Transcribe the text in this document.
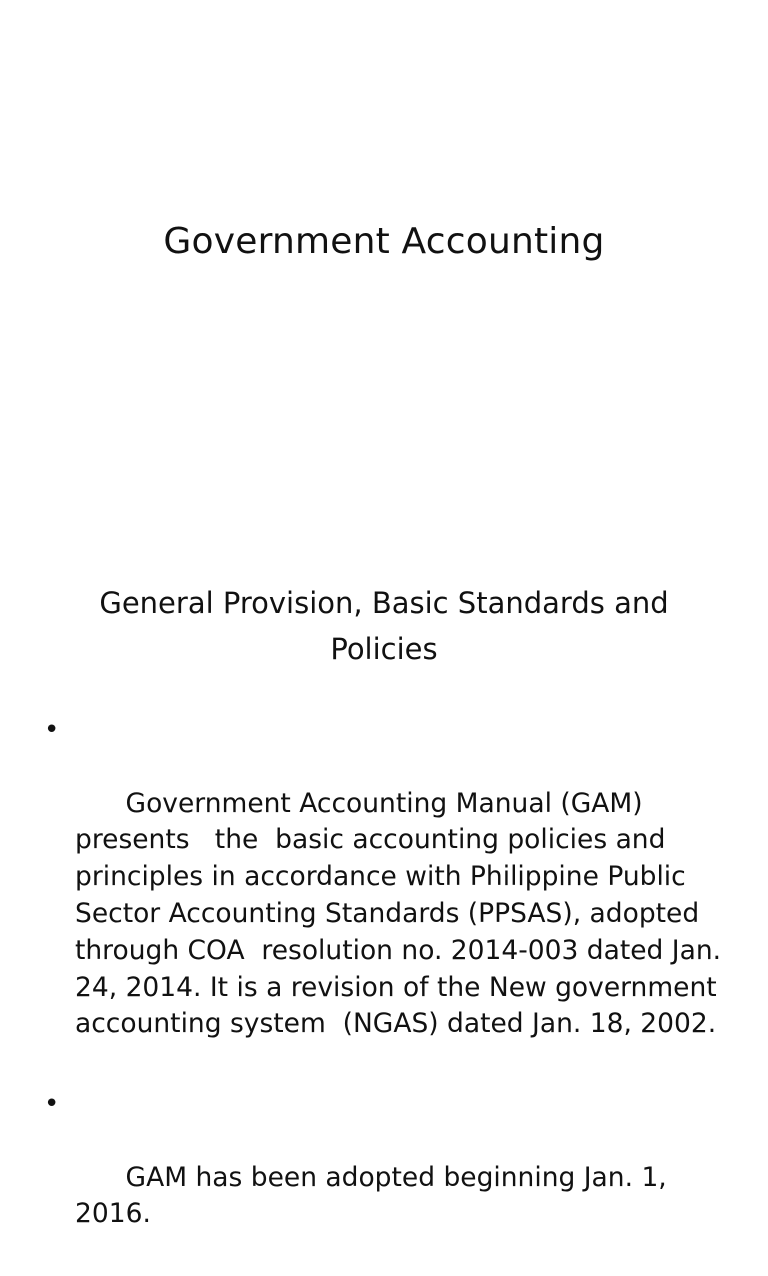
Government Accounting
General Provision, Basic Standards and Policies

•

Government Accounting Manual (GAM) presents   the  basic accounting policies and principles in accordance with Philippine Public Sector Accounting Standards (PPSAS), adopted through COA  resolution no. 2014-003 dated Jan. 24, 2014. It is a revision of the New government accounting system  (NGAS) dated Jan. 18, 2002.

•

GAM has been adopted beginning Jan. 1, 2016.
